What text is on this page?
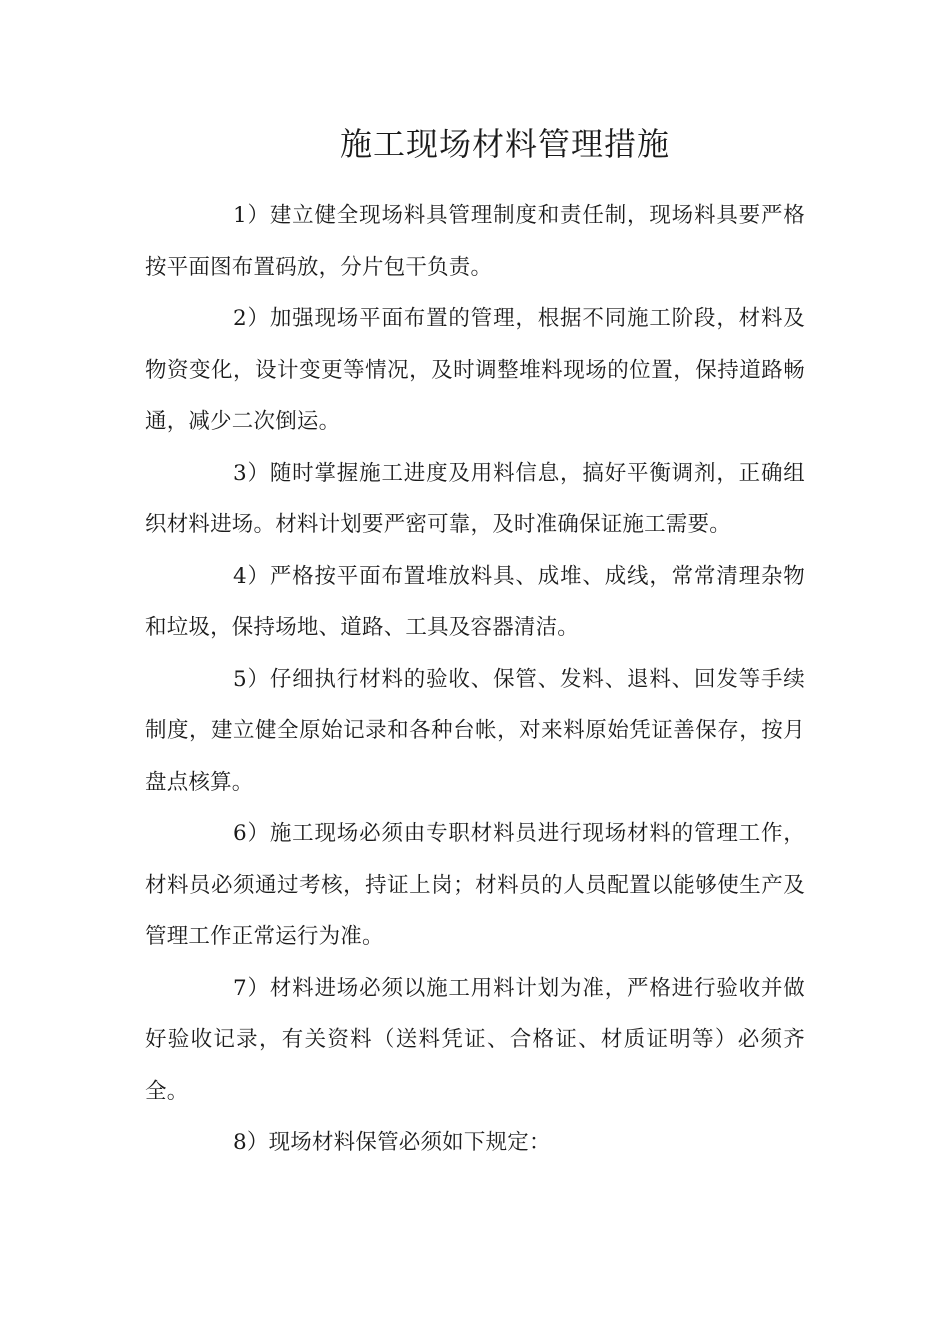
施工现场材料管理措施

1）建立健全现场料具管理制度和责任制，现场料具要严格按平面图布置码放，分片包干负责。

2）加强现场平面布置的管理，根据不同施工阶段，材料及物资变化，设计变更等情况，及时调整堆料现场的位置，保持道路畅通，减少二次倒运。

3）随时掌握施工进度及用料信息，搞好平衡调剂，正确组织材料进场。材料计划要严密可靠，及时准确保证施工需要。

4）严格按平面布置堆放料具、成堆、成线，常常清理杂物和垃圾，保持场地、道路、工具及容器清洁。

5）仔细执行材料的验收、保管、发料、退料、回发等手续制度，建立健全原始记录和各种台帐，对来料原始凭证善保存，按月盘点核算。

6）施工现场必须由专职材料员进行现场材料的管理工作，材料员必须通过考核，持证上岗；材料员的人员配置以能够使生产及管理工作正常运行为准。

7）材料进场必须以施工用料计划为准，严格进行验收并做好验收记录，有关资料（送料凭证、合格证、材质证明等）必须齐全。

8）现场材料保管必须如下规定：
